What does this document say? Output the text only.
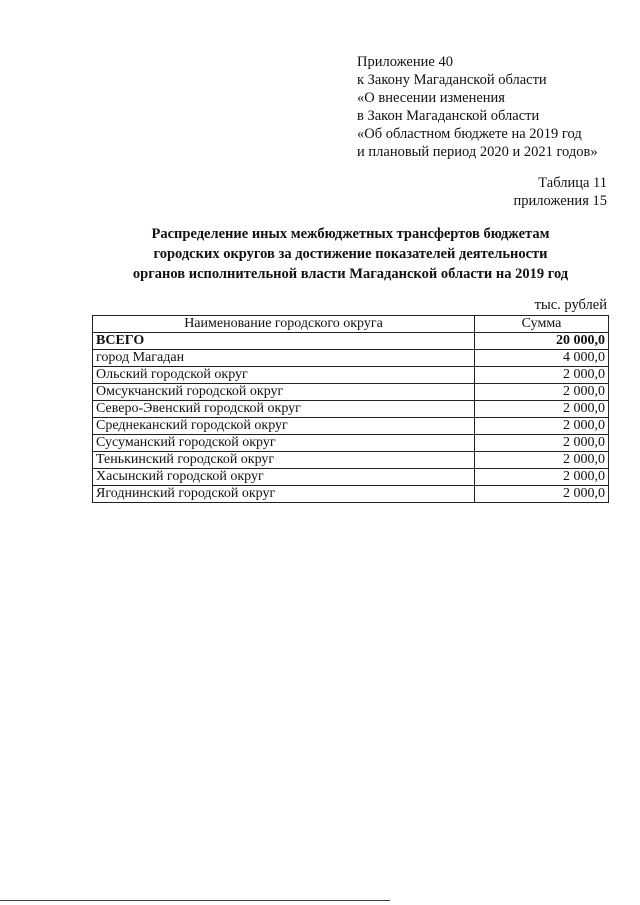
Приложение 40
к Закону Магаданской области
«О внесении изменения
в Закон Магаданской области
«Об областном бюджете на 2019 год
и плановый период 2020 и 2021 годов»
Таблица 11
приложения 15
Распределение иных межбюджетных трансфертов бюджетам
городских округов за достижение показателей деятельности
органов исполнительной власти Магаданской области на 2019 год
тыс. рублей
Наименование городского округа	Сумма
ВСЕГО	20 000,0
город Магадан	4 000,0
Ольский городской округ	2 000,0
Омсукчанский городской округ	2 000,0
Северо-Эвенский городской округ	2 000,0
Среднеканский городской округ	2 000,0
Сусуманский городской округ	2 000,0
Тенькинский городской округ	2 000,0
Хасынский городской округ	2 000,0
Ягоднинский городской округ	2 000,0
